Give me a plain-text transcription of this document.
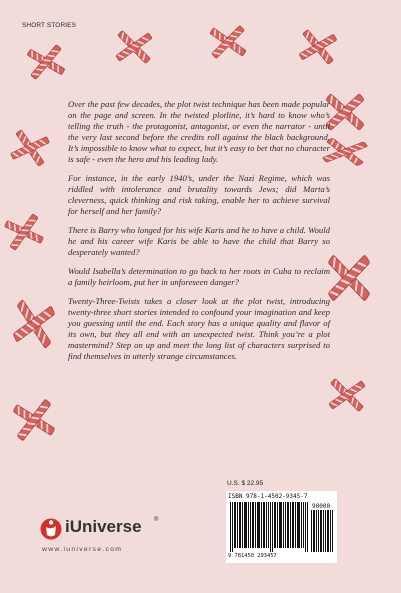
SHORT STORIES

Over the past few decades, the plot twist technique has been made popular on the page and screen. In the twisted plotline, it’s hard to know who’s telling the truth - the protagonist, antagonist, or even the narrator - until the very last second before the credits roll against the black background. It’s impossible to know what to expect, but it’s easy to bet that no character is safe - even the hero and his leading lady.

For instance, in the early 1940’s, under the Nazi Regime, which was riddled with intolerance and brutality towards Jews; did Marta’s cleverness, quick thinking and risk taking, enable her to achieve survival for herself and her family?

There is Barry who longed for his wife Karis and he to have a child. Would he and his career wife Karis be able to have the child that Barry so desperately wanted?

Would Isabella’s determination to go back to her roots in Cuba to reclaim a family heirloom, put her in unforeseen danger?

Twenty-Three-Twists takes a closer look at the plot twist, introducing twenty-three short stories intended to confound your imagination and keep you guessing until the end. Each story has a unique quality and flavor of its own, but they all end with an unexpected twist. Think you’re a plot mastermind? Step on up and meet the long list of characters surprised to find themselves in utterly strange circumstances.

U.S. $ 22.95
ISBN 978-1-4502-9345-7
90000
9 781450 293457
iUniverse ®
www.iuniverse.com
